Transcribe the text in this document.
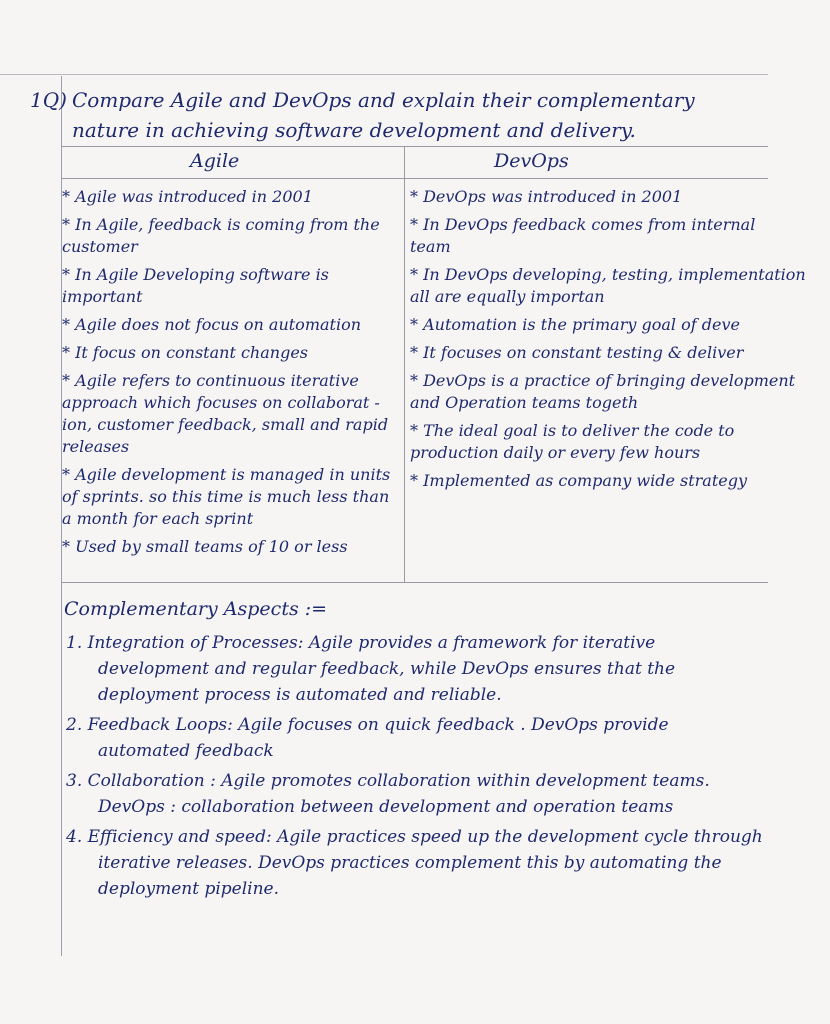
1Q) Compare Agile and DevOps and explain their complementary
nature in achieving software development and delivery.
Agile	DevOps

* Agile was introduced in 2001

* In Agile, feedback is coming from the customer

* In Agile Developing software is important

* Agile does not focus on automation

* It focus on constant changes

* Agile refers to continuous iterative approach which focuses on collaborat -ion, customer feedback, small and rapid releases

* Agile development is managed in units of sprints. so this time is much less than a month for each sprint

* Used by small teams of 10 or less

* DevOps was introduced in 2001

* In DevOps feedback comes from internal team

* In DevOps developing, testing, implementation all are equally importan

* Automation is the primary goal of deve

* It focuses on constant testing & deliver

* DevOps is a practice of bringing development and Operation teams togeth

* The ideal goal is to deliver the code to production daily or every few hours

* Implemented as company wide strategy

Complementary Aspects :=

1. Integration of Processes: Agile provides a framework for iterative development and regular feedback, while DevOps ensures that the deployment process is automated and reliable.

2. Feedback Loops: Agile focuses on quick feedback . DevOps provide automated feedback

3. Collaboration : Agile promotes collaboration within development teams. DevOps : collaboration between development and operation teams

4. Efficiency and speed: Agile practices speed up the development cycle through iterative releases. DevOps practices complement this by automating the deployment pipeline.
